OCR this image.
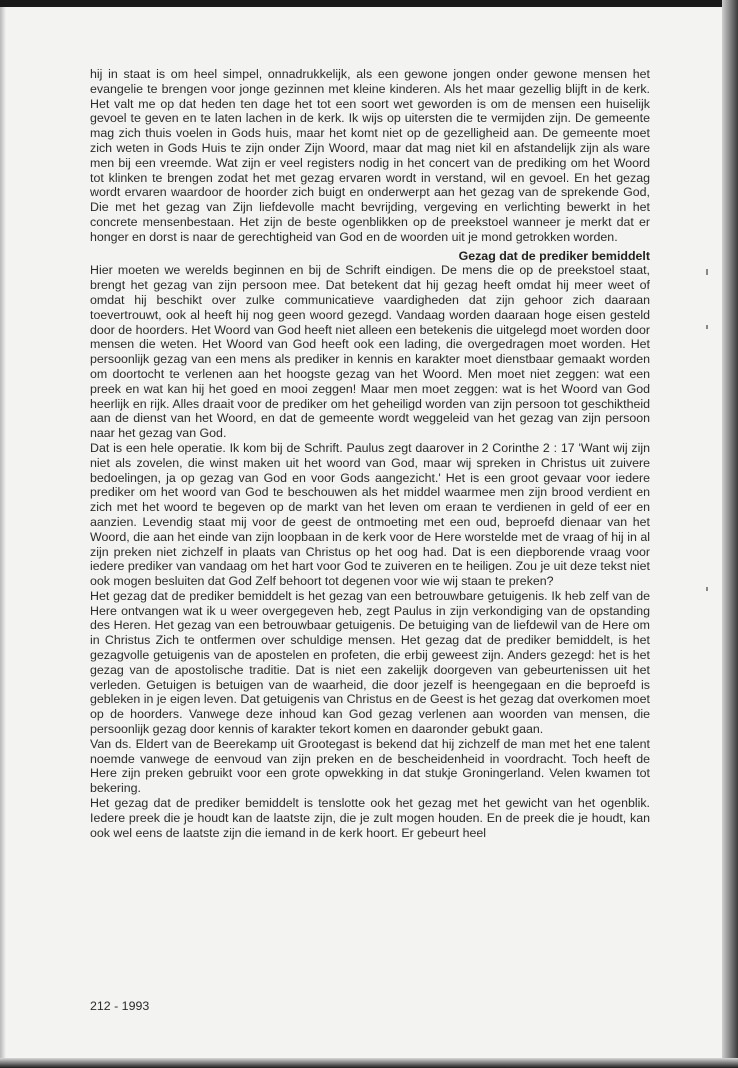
hij in staat is om heel simpel, onnadrukkelijk, als een gewone jongen onder gewone mensen het evangelie te brengen voor jonge gezinnen met kleine kinderen. Als het maar gezellig blijft in de kerk. Het valt me op dat heden ten dage het tot een soort wet geworden is om de mensen een huiselijk gevoel te geven en te laten lachen in de kerk. Ik wijs op uitersten die te vermijden zijn. De gemeente mag zich thuis voelen in Gods huis, maar het komt niet op de gezelligheid aan. De gemeente moet zich weten in Gods Huis te zijn onder Zijn Woord, maar dat mag niet kil en afstandelijk zijn als ware men bij een vreemde. Wat zijn er veel registers nodig in het concert van de prediking om het Woord tot klinken te brengen zodat het met gezag ervaren wordt in verstand, wil en gevoel. En het gezag wordt ervaren waardoor de hoorder zich buigt en onderwerpt aan het gezag van de sprekende God, Die met het gezag van Zijn liefdevolle macht bevrijding, vergeving en verlichting bewerkt in het concrete mensenbestaan. Het zijn de beste ogenblikken op de preekstoel wanneer je merkt dat er honger en dorst is naar de gerechtigheid van God en de woorden uit je mond getrokken worden.

Gezag dat de prediker bemiddelt

Hier moeten we werelds beginnen en bij de Schrift eindigen. De mens die op de preekstoel staat, brengt het gezag van zijn persoon mee. Dat betekent dat hij gezag heeft omdat hij meer weet of omdat hij beschikt over zulke communicatieve vaardigheden dat zijn gehoor zich daaraan toevertrouwt, ook al heeft hij nog geen woord gezegd. Vandaag worden daaraan hoge eisen gesteld door de hoorders. Het Woord van God heeft niet alleen een betekenis die uitgelegd moet worden door mensen die weten. Het Woord van God heeft ook een lading, die overgedragen moet worden. Het persoonlijk gezag van een mens als prediker in kennis en karakter moet dienstbaar gemaakt worden om doortocht te verlenen aan het hoogste gezag van het Woord. Men moet niet zeggen: wat een preek en wat kan hij het goed en mooi zeggen! Maar men moet zeggen: wat is het Woord van God heerlijk en rijk. Alles draait voor de prediker om het geheiligd worden van zijn persoon tot geschiktheid aan de dienst van het Woord, en dat de gemeente wordt weggeleid van het gezag van zijn persoon naar het gezag van God.

Dat is een hele operatie. Ik kom bij de Schrift. Paulus zegt daarover in 2 Corinthe 2 : 17 'Want wij zijn niet als zovelen, die winst maken uit het woord van God, maar wij spreken in Christus uit zuivere bedoelingen, ja op gezag van God en voor Gods aangezicht.' Het is een groot gevaar voor iedere prediker om het woord van God te beschouwen als het middel waarmee men zijn brood verdient en zich met het woord te begeven op de markt van het leven om eraan te verdienen in geld of eer en aanzien. Levendig staat mij voor de geest de ontmoeting met een oud, beproefd dienaar van het Woord, die aan het einde van zijn loopbaan in de kerk voor de Here worstelde met de vraag of hij in al zijn preken niet zichzelf in plaats van Christus op het oog had. Dat is een diepborende vraag voor iedere prediker van vandaag om het hart voor God te zuiveren en te heiligen. Zou je uit deze tekst niet ook mogen besluiten dat God Zelf behoort tot degenen voor wie wij staan te preken?

Het gezag dat de prediker bemiddelt is het gezag van een betrouwbare getuigenis. Ik heb zelf van de Here ontvangen wat ik u weer overgegeven heb, zegt Paulus in zijn verkondiging van de opstanding des Heren. Het gezag van een betrouwbaar getuigenis. De betuiging van de liefdewil van de Here om in Christus Zich te ontfermen over schuldige mensen. Het gezag dat de prediker bemiddelt, is het gezagvolle getuigenis van de apostelen en profeten, die erbij geweest zijn. Anders gezegd: het is het gezag van de apostolische traditie. Dat is niet een zakelijk doorgeven van gebeurtenissen uit het verleden. Getuigen is betuigen van de waarheid, die door jezelf is heengegaan en die beproefd is gebleken in je eigen leven. Dat getuigenis van Christus en de Geest is het gezag dat overkomen moet op de hoorders. Vanwege deze inhoud kan God gezag verlenen aan woorden van mensen, die persoonlijk gezag door kennis of karakter tekort komen en daaronder gebukt gaan.

Van ds. Eldert van de Beerekamp uit Grootegast is bekend dat hij zichzelf de man met het ene talent noemde vanwege de eenvoud van zijn preken en de bescheidenheid in voordracht. Toch heeft de Here zijn preken gebruikt voor een grote opwekking in dat stukje Groningerland. Velen kwamen tot bekering.

Het gezag dat de prediker bemiddelt is tenslotte ook het gezag met het gewicht van het ogenblik. Iedere preek die je houdt kan de laatste zijn, die je zult mogen houden. En de preek die je houdt, kan ook wel eens de laatste zijn die iemand in de kerk hoort. Er gebeurt heel

212 - 1993
